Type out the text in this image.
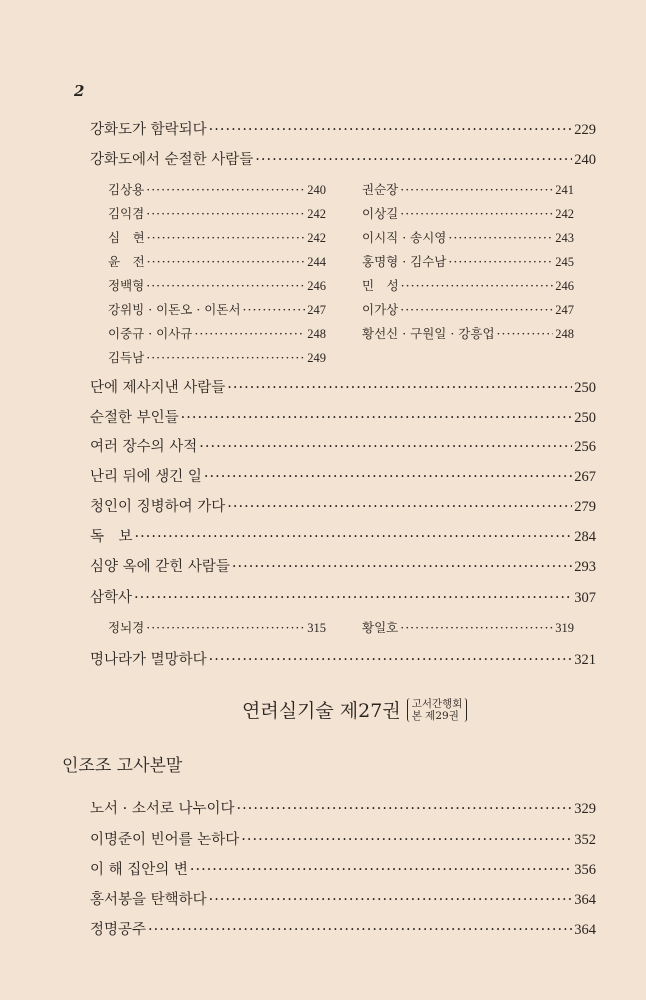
2
강화도가 함락되다 ·····	229
강화도에서 순절한 사람들 ·····	240
김상용 ·····	240	권순장 ·····	241
김익겸 ·····	242	이상길 ·····	242
심　현 ·····	242	이시직 · 송시영 ·····	243
윤　전 ·····	244	홍명형 · 김수남 ·····	245
정백형 ·····	246	민　성 ·····	246
강위빙 · 이돈오 · 이돈서 ·····	247	이가상 ·····	247
이중규 · 이사규 ·····	248	황선신 · 구원일 · 강흥업 ·····	248
김득남 ·····	249
단에 제사지낸 사람들 ·····	250
순절한 부인들 ·····	250
여러 장수의 사적 ·····	256
난리 뒤에 생긴 일 ·····	267
청인이 징병하여 가다 ·····	279
독　보 ·····	284
심양 옥에 갇힌 사람들 ·····	293
삼학사 ·····	307
정뇌경 ·····	315	황일호 ·····	319
명나라가 멸망하다 ·····	321
연려실기술 제27권 고서간행회
본 제29권
인조조 고사본말
노서 · 소서로 나누이다 ·····	329
이명준이 빈어를 논하다 ·····	352
이 해 집안의 변 ·····	356
홍서봉을 탄핵하다 ·····	364
정명공주 ·····	364
